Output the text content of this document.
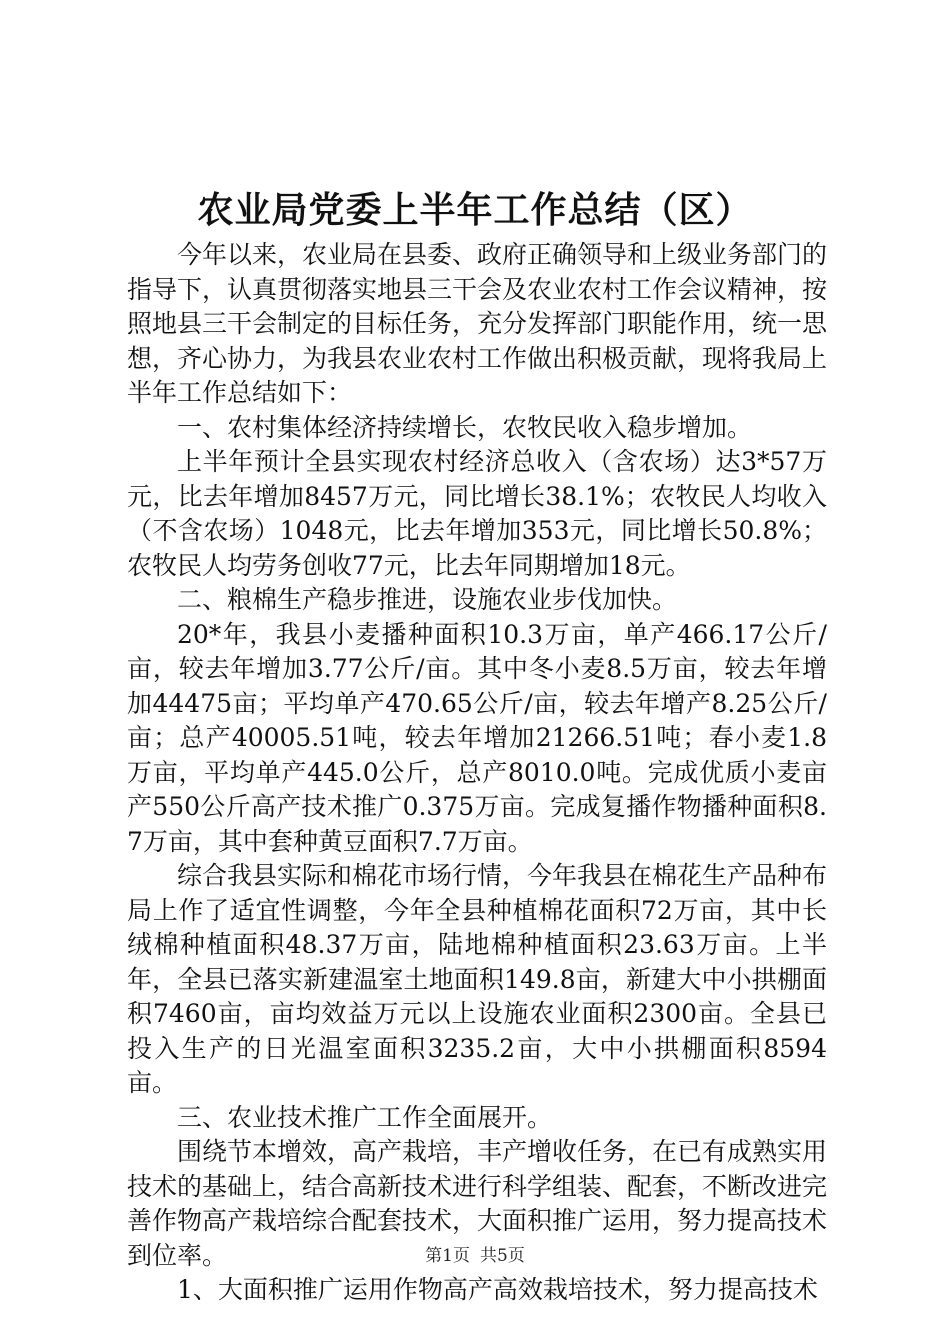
农业局党委上半年工作总结（区）

今年以来，农业局在县委、政府正确领导和上级业务部门的指导下，认真贯彻落实地县三干会及农业农村工作会议精神，按照地县三干会制定的目标任务，充分发挥部门职能作用，统一思想，齐心协力，为我县农业农村工作做出积极贡献，现将我局上半年工作总结如下：

一、农村集体经济持续增长，农牧民收入稳步增加。

上半年预计全县实现农村经济总收入（含农场）达3*57万元，比去年增加8457万元，同比增长38.1%；农牧民人均收入（不含农场）1048元，比去年增加353元，同比增长50.8%；农牧民人均劳务创收77元，比去年同期增加18元。

二、粮棉生产稳步推进，设施农业步伐加快。

20*年，我县小麦播种面积10.3万亩，单产466.17公斤/亩，较去年增加3.77公斤/亩。其中冬小麦8.5万亩，较去年增加44475亩；平均单产470.65公斤/亩，较去年增产8.25公斤/亩；总产40005.51吨，较去年增加21266.51吨；春小麦1.8万亩，平均单产445.0公斤，总产8010.0吨。完成优质小麦亩产550公斤高产技术推广0.375万亩。完成复播作物播种面积8.7万亩，其中套种黄豆面积7.7万亩。

综合我县实际和棉花市场行情，今年我县在棉花生产品种布局上作了适宜性调整，今年全县种植棉花面积72万亩，其中长绒棉种植面积48.37万亩，陆地棉种植面积23.63万亩。上半年，全县已落实新建温室土地面积149.8亩，新建大中小拱棚面积7460亩，亩均效益万元以上设施农业面积2300亩。全县已投入生产的日光温室面积3235.2亩，大中小拱棚面积8594亩。

三、农业技术推广工作全面展开。

围绕节本增效，高产栽培，丰产增收任务，在已有成熟实用技术的基础上，结合高新技术进行科学组装、配套，不断改进完善作物高产栽培综合配套技术，大面积推广运用，努力提高技术到位率。

1、大面积推广运用作物高产高效栽培技术，努力提高技术

第1页 共5页
